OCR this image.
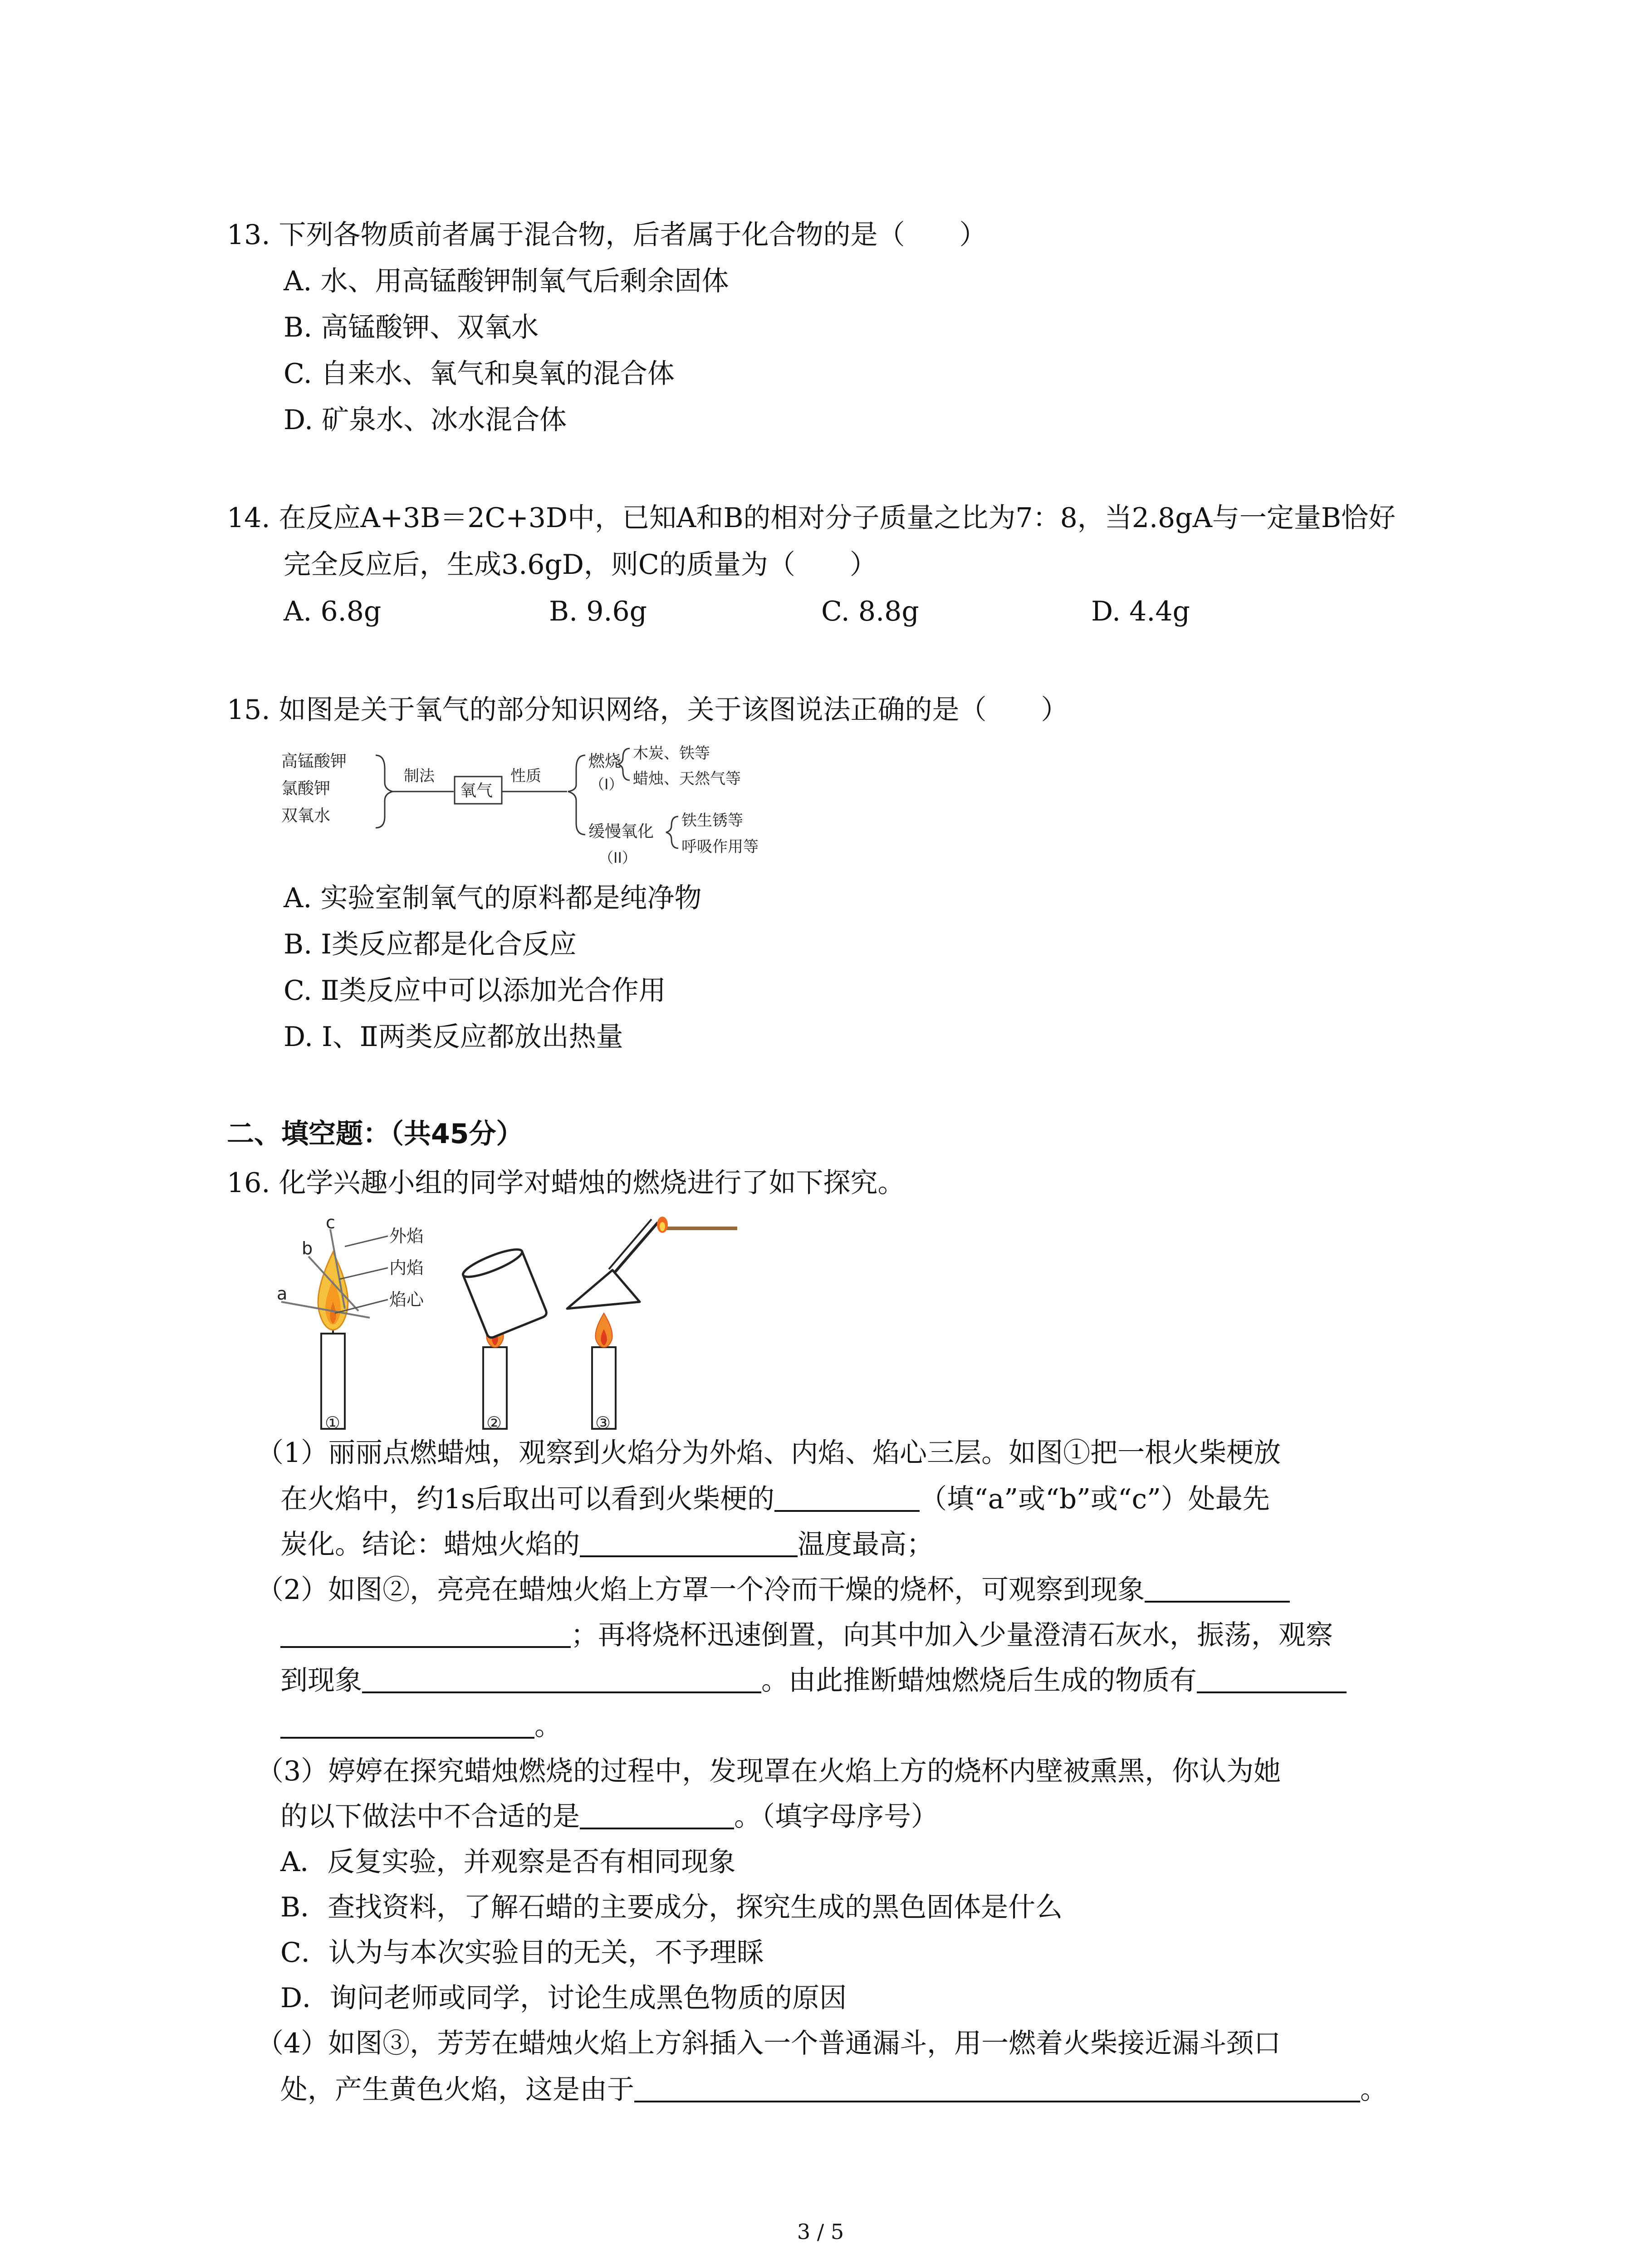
13. 下列各物质前者属于混合物，后者属于化合物的是（　　）
A. 水、用高锰酸钾制氧气后剩余固体
B. 高锰酸钾、双氧水
C. 自来水、氧气和臭氧的混合体
D. 矿泉水、冰水混合体
14. 在反应A+3B＝2C+3D中，已知A和B的相对分子质量之比为7：8，当2.8gA与一定量B恰好
完全反应后，生成3.6gD，则C的质量为（　　）
A. 6.8g	B. 9.6g	C. 8.8g	D. 4.4g
15. 如图是关于氧气的部分知识网络，关于该图说法正确的是（　　）
高锰酸钾
氯酸钾
双氧水
制法
氧气
性质
燃烧
（I）
木炭、铁等
蜡烛、天然气等
缓慢氧化
（II）
铁生锈等
呼吸作用等
A. 实验室制氧气的原料都是纯净物
B. Ⅰ类反应都是化合反应
C. Ⅱ类反应中可以添加光合作用
D. Ⅰ、Ⅱ两类反应都放出热量
二、填空题：（共45分）
16. 化学兴趣小组的同学对蜡烛的燃烧进行了如下探究。
a
b
c
外焰
内焰
焰心
①	②	③
（1）丽丽点燃蜡烛，观察到火焰分为外焰、内焰、焰心三层。如图①把一根火柴梗放
在火焰中，约1s后取出可以看到火柴梗的	（填“a”或“b”或“c”）处最先
炭化。结论：蜡烛火焰的	温度最高；
（2）如图②，亮亮在蜡烛火焰上方罩一个冷而干燥的烧杯，可观察到现象
；再将烧杯迅速倒置，向其中加入少量澄清石灰水，振荡，观察
到现象	。由此推断蜡烛燃烧后生成的物质有
。
（3）婷婷在探究蜡烛燃烧的过程中，发现罩在火焰上方的烧杯内壁被熏黑，你认为她
的以下做法中不合适的是	。（填字母序号）
A．反复实验，并观察是否有相同现象
B．查找资料，了解石蜡的主要成分，探究生成的黑色固体是什么
C．认为与本次实验目的无关，不予理睬
D．询问老师或同学，讨论生成黑色物质的原因
（4）如图③，芳芳在蜡烛火焰上方斜插入一个普通漏斗，用一燃着火柴接近漏斗颈口
处，产生黄色火焰，这是由于	。
3 / 5
